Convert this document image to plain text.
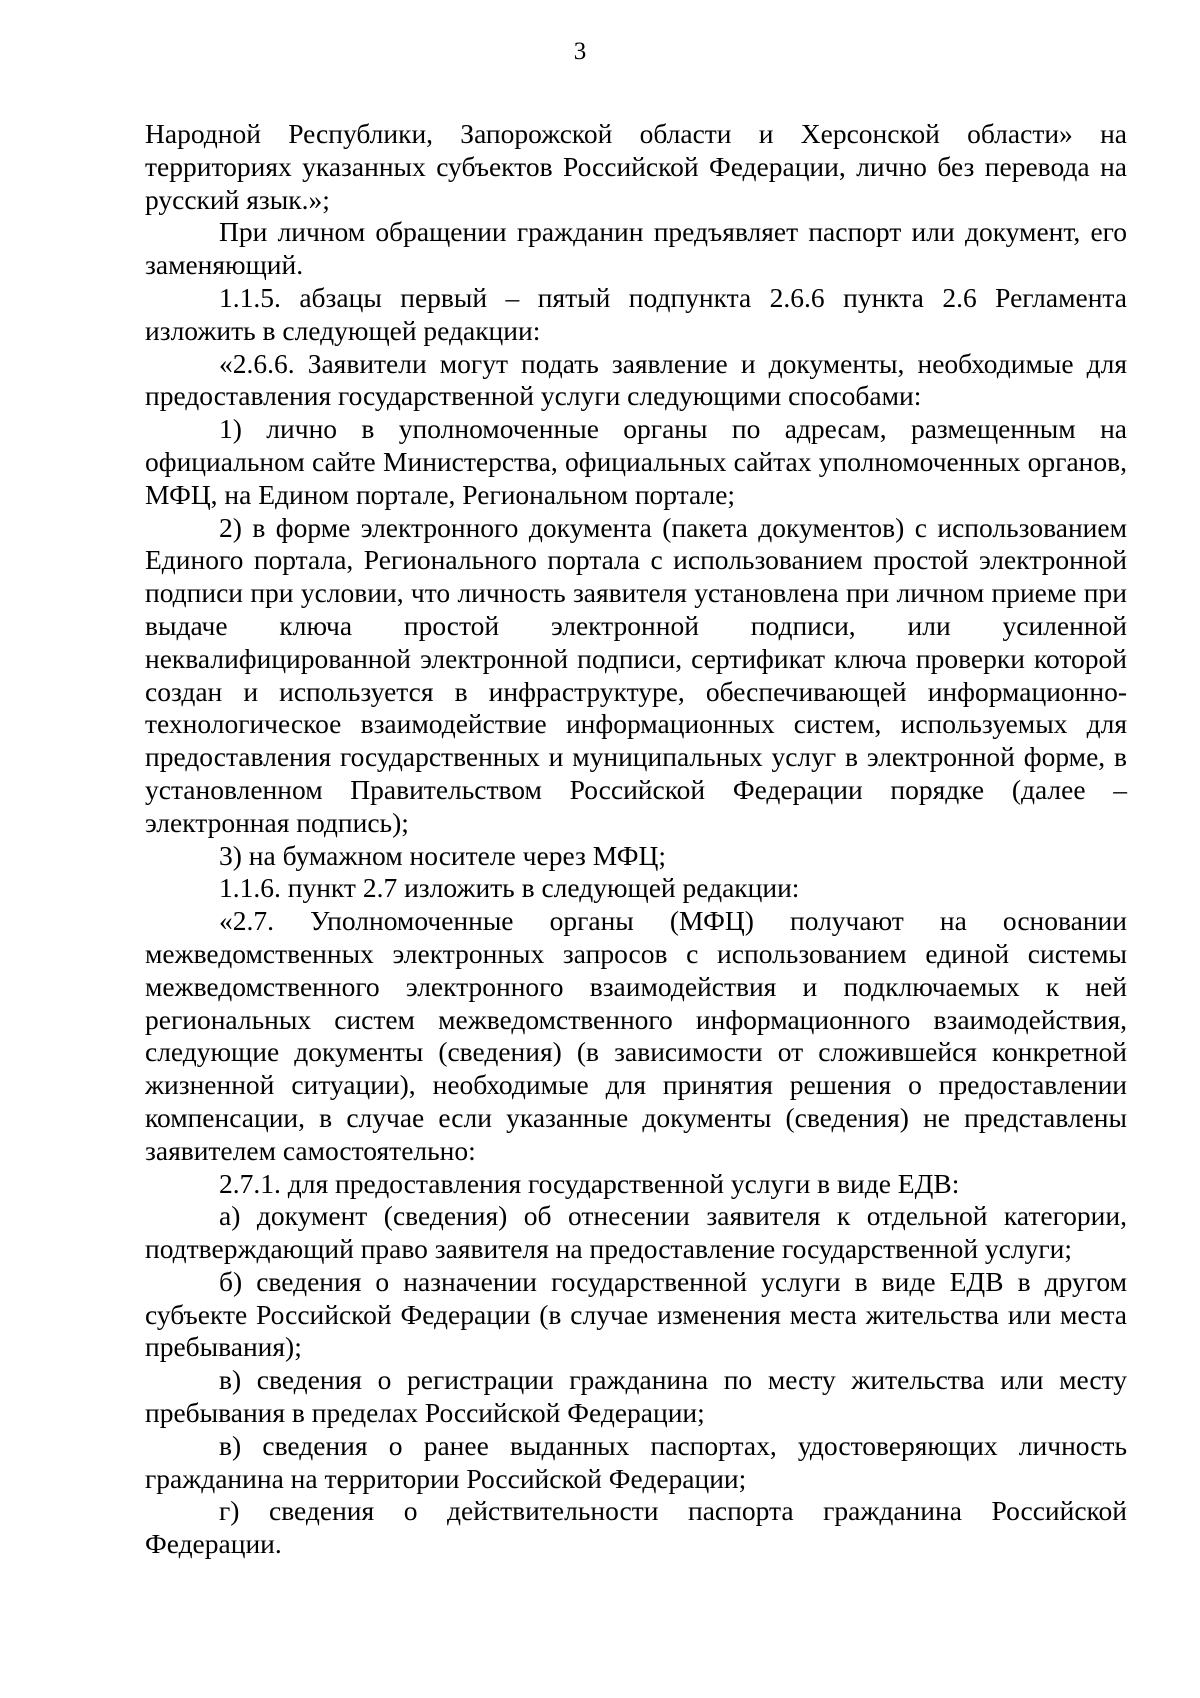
3

Народной Республики, Запорожской области и Херсонской области» на территориях указанных субъектов Российской Федерации, лично без перевода на русский язык.»;

При личном обращении гражданин предъявляет паспорт или документ, его заменяющий.

1.1.5. абзацы первый – пятый подпункта 2.6.6 пункта 2.6 Регламента изложить в следующей редакции:

«2.6.6. Заявители могут подать заявление и документы, необходимые для предоставления государственной услуги следующими способами:

1) лично в уполномоченные органы по адресам, размещенным на официальном сайте Министерства, официальных сайтах уполномоченных органов, МФЦ, на Едином портале, Региональном портале;

2) в форме электронного документа (пакета документов) с использованием Единого портала, Регионального портала с использованием простой электронной подписи при условии, что личность заявителя установлена при личном приеме при выдаче ключа простой электронной подписи, или усиленной неквалифицированной электронной подписи, сертификат ключа проверки которой создан и используется в инфраструктуре, обеспечивающей информационно-технологическое взаимодействие информационных систем, используемых для предоставления государственных и муниципальных услуг в электронной форме, в установленном Правительством Российской Федерации порядке (далее – электронная подпись);

3) на бумажном носителе через МФЦ;

1.1.6. пункт 2.7 изложить в следующей редакции:

«2.7. Уполномоченные органы (МФЦ) получают на основании межведомственных электронных запросов с использованием единой системы межведомственного электронного взаимодействия и подключаемых к ней региональных систем межведомственного информационного взаимодействия, следующие документы (сведения) (в зависимости от сложившейся конкретной жизненной ситуации), необходимые для принятия решения о предоставлении компенсации, в случае если указанные документы (сведения) не представлены заявителем самостоятельно:

2.7.1. для предоставления государственной услуги в виде ЕДВ:

а) документ (сведения) об отнесении заявителя к отдельной категории, подтверждающий право заявителя на предоставление государственной услуги;

б) сведения о назначении государственной услуги в виде ЕДВ в другом субъекте Российской Федерации (в случае изменения места жительства или места пребывания);

в) сведения о регистрации гражданина по месту жительства или месту пребывания в пределах Российской Федерации;

в) сведения о ранее выданных паспортах, удостоверяющих личность гражданина на территории Российской Федерации;

г) сведения о действительности паспорта гражданина Российской Федерации.
